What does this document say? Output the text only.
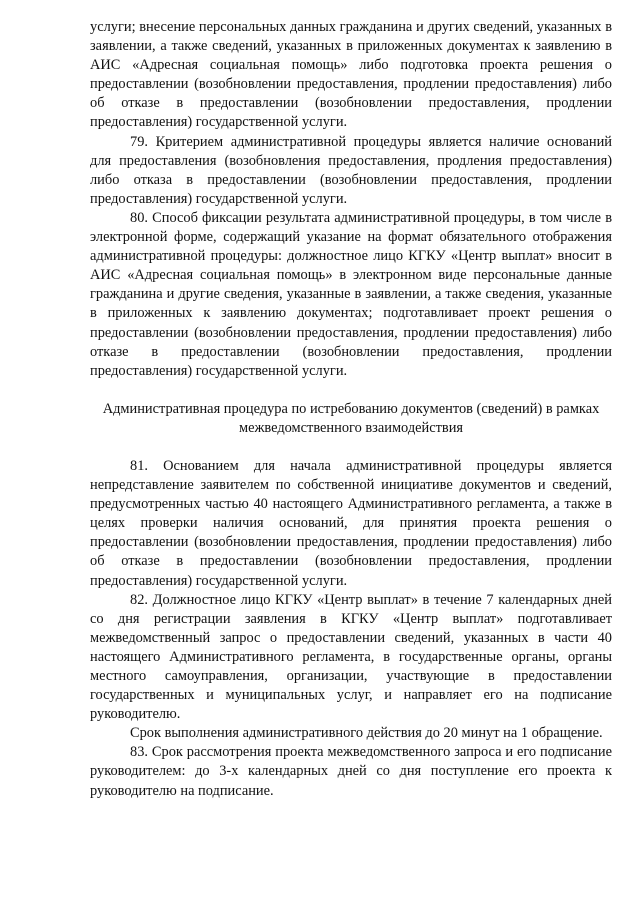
услуги; внесение персональных данных гражданина и других сведений, указанных в заявлении, а также сведений, указанных в приложенных документах к заявлению в АИС «Адресная социальная помощь» либо подготовка проекта решения о предоставлении (возобновлении предоставления, продлении предоставления) либо об отказе в предоставлении (возобновлении предоставления, продлении предоставления) государственной услуги.

79. Критерием административной процедуры является наличие оснований для предоставления (возобновления предоставления, продления предоставления) либо отказа в предоставлении (возобновлении предоставления, продлении предоставления) государственной услуги.

80. Способ фиксации результата административной процедуры, в том числе в электронной форме, содержащий указание на формат обязательного отображения административной процедуры: должностное лицо КГКУ «Центр выплат» вносит в АИС «Адресная социальная помощь» в электронном виде персональные данные гражданина и другие сведения, указанные в заявлении, а также сведения, указанные в приложенных к заявлению документах; подготавливает проект решения о предоставлении (возобновлении предоставления, продлении предоставления) либо отказе в предоставлении (возобновлении предоставления, продлении предоставления) государственной услуги.

Административная процедура по истребованию документов (сведений) в рамках межведомственного взаимодействия

81. Основанием для начала административной процедуры является непредставление заявителем по собственной инициативе документов и сведений, предусмотренных частью 40 настоящего Административного регламента, а также в целях проверки наличия оснований, для принятия проекта решения о предоставлении (возобновлении предоставления, продлении предоставления) либо об отказе в предоставлении (возобновлении предоставления, продлении предоставления) государственной услуги.

82. Должностное лицо КГКУ «Центр выплат» в течение 7 календарных дней со дня регистрации заявления в КГКУ «Центр выплат» подготавливает межведомственный запрос о предоставлении сведений, указанных в части 40 настоящего Административного регламента, в государственные органы, органы местного самоуправления, организации, участвующие в предоставлении государственных и муниципальных услуг, и направляет его на подписание руководителю.

Срок выполнения административного действия до 20 минут на 1 обращение.

83. Срок рассмотрения проекта межведомственного запроса и его подписание руководителем: до 3-х календарных дней со дня поступление его проекта к руководителю на подписание.
